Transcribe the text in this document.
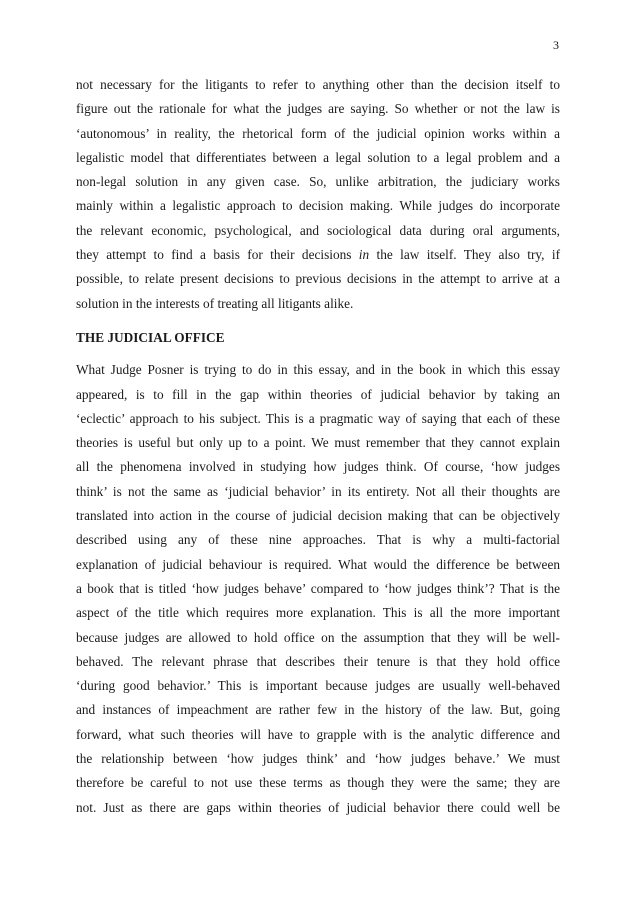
3
not necessary for the litigants to refer to anything other than the decision itself to
figure out the rationale for what the judges are saying. So whether or not the law is
‘autonomous’ in reality, the rhetorical form of the judicial opinion works within a
legalistic model that differentiates between a legal solution to a legal problem and a
non-legal solution in any given case. So, unlike arbitration, the judiciary works
mainly within a legalistic approach to decision making. While judges do incorporate
the relevant economic, psychological, and sociological data during oral arguments,
they attempt to find a basis for their decisions in the law itself. They also try, if
possible, to relate present decisions to previous decisions in the attempt to arrive at a
solution in the interests of treating all litigants alike.
THE JUDICIAL OFFICE
What Judge Posner is trying to do in this essay, and in the book in which this essay
appeared, is to fill in the gap within theories of judicial behavior by taking an
‘eclectic’ approach to his subject. This is a pragmatic way of saying that each of these
theories is useful but only up to a point. We must remember that they cannot explain
all the phenomena involved in studying how judges think. Of course, ‘how judges
think’ is not the same as ‘judicial behavior’ in its entirety. Not all their thoughts are
translated into action in the course of judicial decision making that can be objectively
described using any of these nine approaches. That is why a multi-factorial
explanation of judicial behaviour is required. What would the difference be between
a book that is titled ‘how judges behave’ compared to ‘how judges think’? That is the
aspect of the title which requires more explanation. This is all the more important
because judges are allowed to hold office on the assumption that they will be well-
behaved. The relevant phrase that describes their tenure is that they hold office
‘during good behavior.’ This is important because judges are usually well-behaved
and instances of impeachment are rather few in the history of the law. But, going
forward, what such theories will have to grapple with is the analytic difference and
the relationship between ‘how judges think’ and ‘how judges behave.’ We must
therefore be careful to not use these terms as though they were the same; they are
not. Just as there are gaps within theories of judicial behavior there could well be
